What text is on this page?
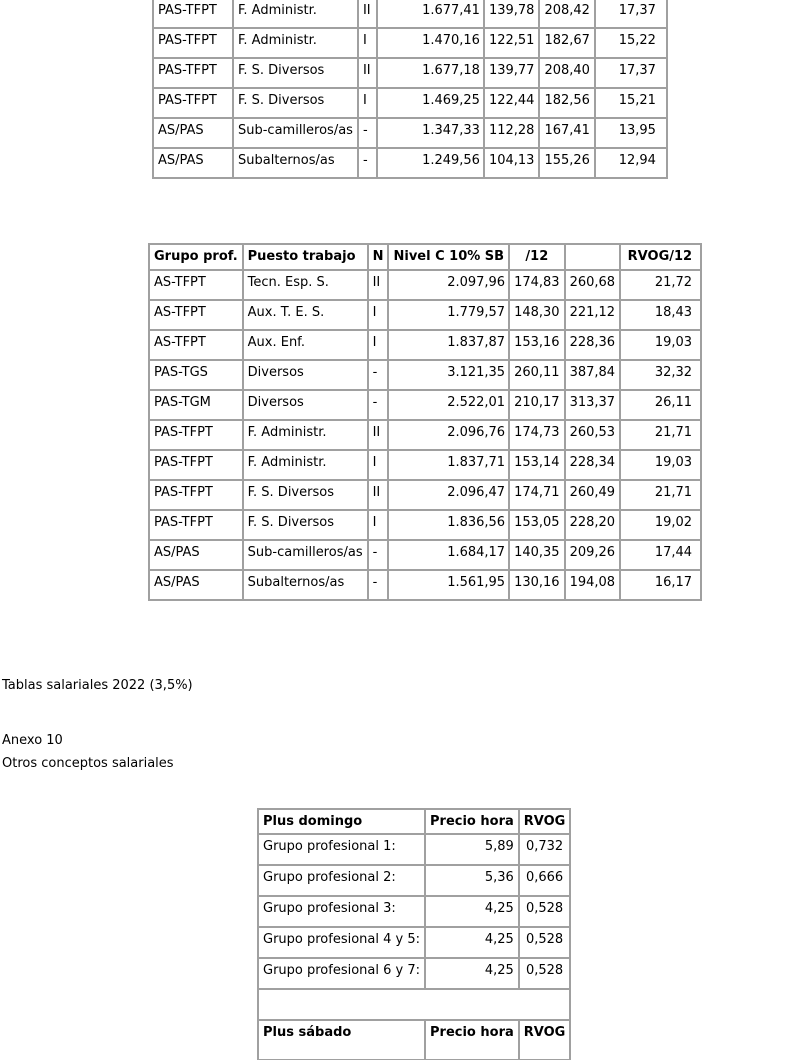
PAS-TFPT	F. Administr.	II	1.677,41	139,78	208,42	17,37
PAS-TFPT	F. Administr.	I	1.470,16	122,51	182,67	15,22
PAS-TFPT	F. S. Diversos	II	1.677,18	139,77	208,40	17,37
PAS-TFPT	F. S. Diversos	I	1.469,25	122,44	182,56	15,21
AS/PAS	Sub-camilleros/as	-	1.347,33	112,28	167,41	13,95
AS/PAS	Subalternos/as	-	1.249,56	104,13	155,26	12,94
Grupo prof.	Puesto trabajo	N	Nivel C 10% SB	/12		RVOG/12
AS-TFPT	Tecn. Esp. S.	II	2.097,96	174,83	260,68	21,72
AS-TFPT	Aux. T. E. S.	I	1.779,57	148,30	221,12	18,43
AS-TFPT	Aux. Enf.	I	1.837,87	153,16	228,36	19,03
PAS-TGS	Diversos	-	3.121,35	260,11	387,84	32,32
PAS-TGM	Diversos	-	2.522,01	210,17	313,37	26,11
PAS-TFPT	F. Administr.	II	2.096,76	174,73	260,53	21,71
PAS-TFPT	F. Administr.	I	1.837,71	153,14	228,34	19,03
PAS-TFPT	F. S. Diversos	II	2.096,47	174,71	260,49	21,71
PAS-TFPT	F. S. Diversos	I	1.836,56	153,05	228,20	19,02
AS/PAS	Sub-camilleros/as	-	1.684,17	140,35	209,26	17,44
AS/PAS	Subalternos/as	-	1.561,95	130,16	194,08	16,17
Tablas salariales 2022 (3,5%)
Anexo 10
Otros conceptos salariales
Plus domingo	Precio hora	RVOG
Grupo profesional 1:	5,89	0,732
Grupo profesional 2:	5,36	0,666
Grupo profesional 3:	4,25	0,528
Grupo profesional 4 y 5:	4,25	0,528
Grupo profesional 6 y 7:	4,25	0,528

Plus sábado	Precio hora	RVOG
